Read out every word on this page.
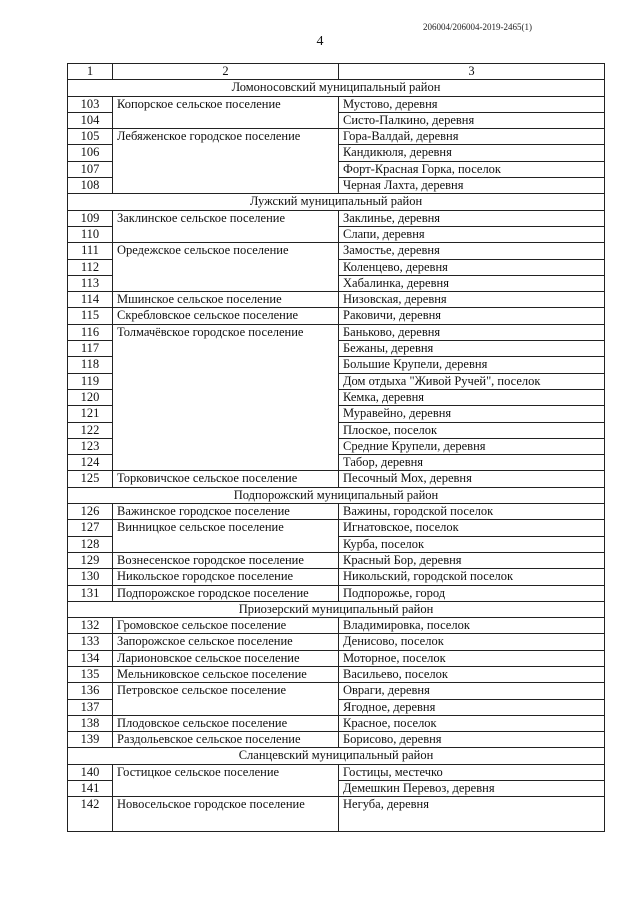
206004/206004-2019-2465(1)
4
1	2	3
Ломоносовский муниципальный район		
103	Копорское сельское поселение	Мустово, деревня
104		Систо-Палкино, деревня
105	Лебяженское городское поселение	Гора-Валдай, деревня
106		Кандикюля, деревня
107		Форт-Красная Горка, поселок
108		Черная Лахта, деревня
Лужский муниципальный район		
109	Заклинское сельское поселение	Заклинье, деревня
110		Слапи, деревня
111	Оредежское сельское поселение	Замостье, деревня
112		Коленцево, деревня
113		Хабалинка, деревня
114	Мшинское сельское поселение	Низовская, деревня
115	Скребловское сельское поселение	Раковичи, деревня
116	Толмачёвское городское поселение	Баньково, деревня
117		Бежаны, деревня
118		Большие Крупели, деревня
119		Дом отдыха "Живой Ручей", поселок
120		Кемка, деревня
121		Муравейно, деревня
122		Плоское, поселок
123		Средние Крупели, деревня
124		Табор, деревня
125	Торковичское сельское поселение	Песочный Мох, деревня
Подпорожский муниципальный район		
126	Важинское городское поселение	Важины, городской поселок
127	Винницкое сельское поселение	Игнатовское, поселок
128		Курба, поселок
129	Вознесенское городское поселение	Красный Бор, деревня
130	Никольское городское поселение	Никольский, городской поселок
131	Подпорожское городское поселение	Подпорожье, город
Приозерский муниципальный район		
132	Громовское сельское поселение	Владимировка, поселок
133	Запорожское сельское поселение	Денисово, поселок
134	Ларионовское сельское поселение	Моторное, поселок
135	Мельниковское сельское поселение	Васильево, поселок
136	Петровское сельское поселение	Овраги, деревня
137		Ягодное, деревня
138	Плодовское сельское поселение	Красное, поселок
139	Раздольевское сельское поселение	Борисово, деревня
Сланцевский муниципальный район		
140	Гостицкое сельское поселение	Гостицы, местечко
141		Демешкин Перевоз, деревня
142	Новосельское городское поселение	Негуба, деревня
